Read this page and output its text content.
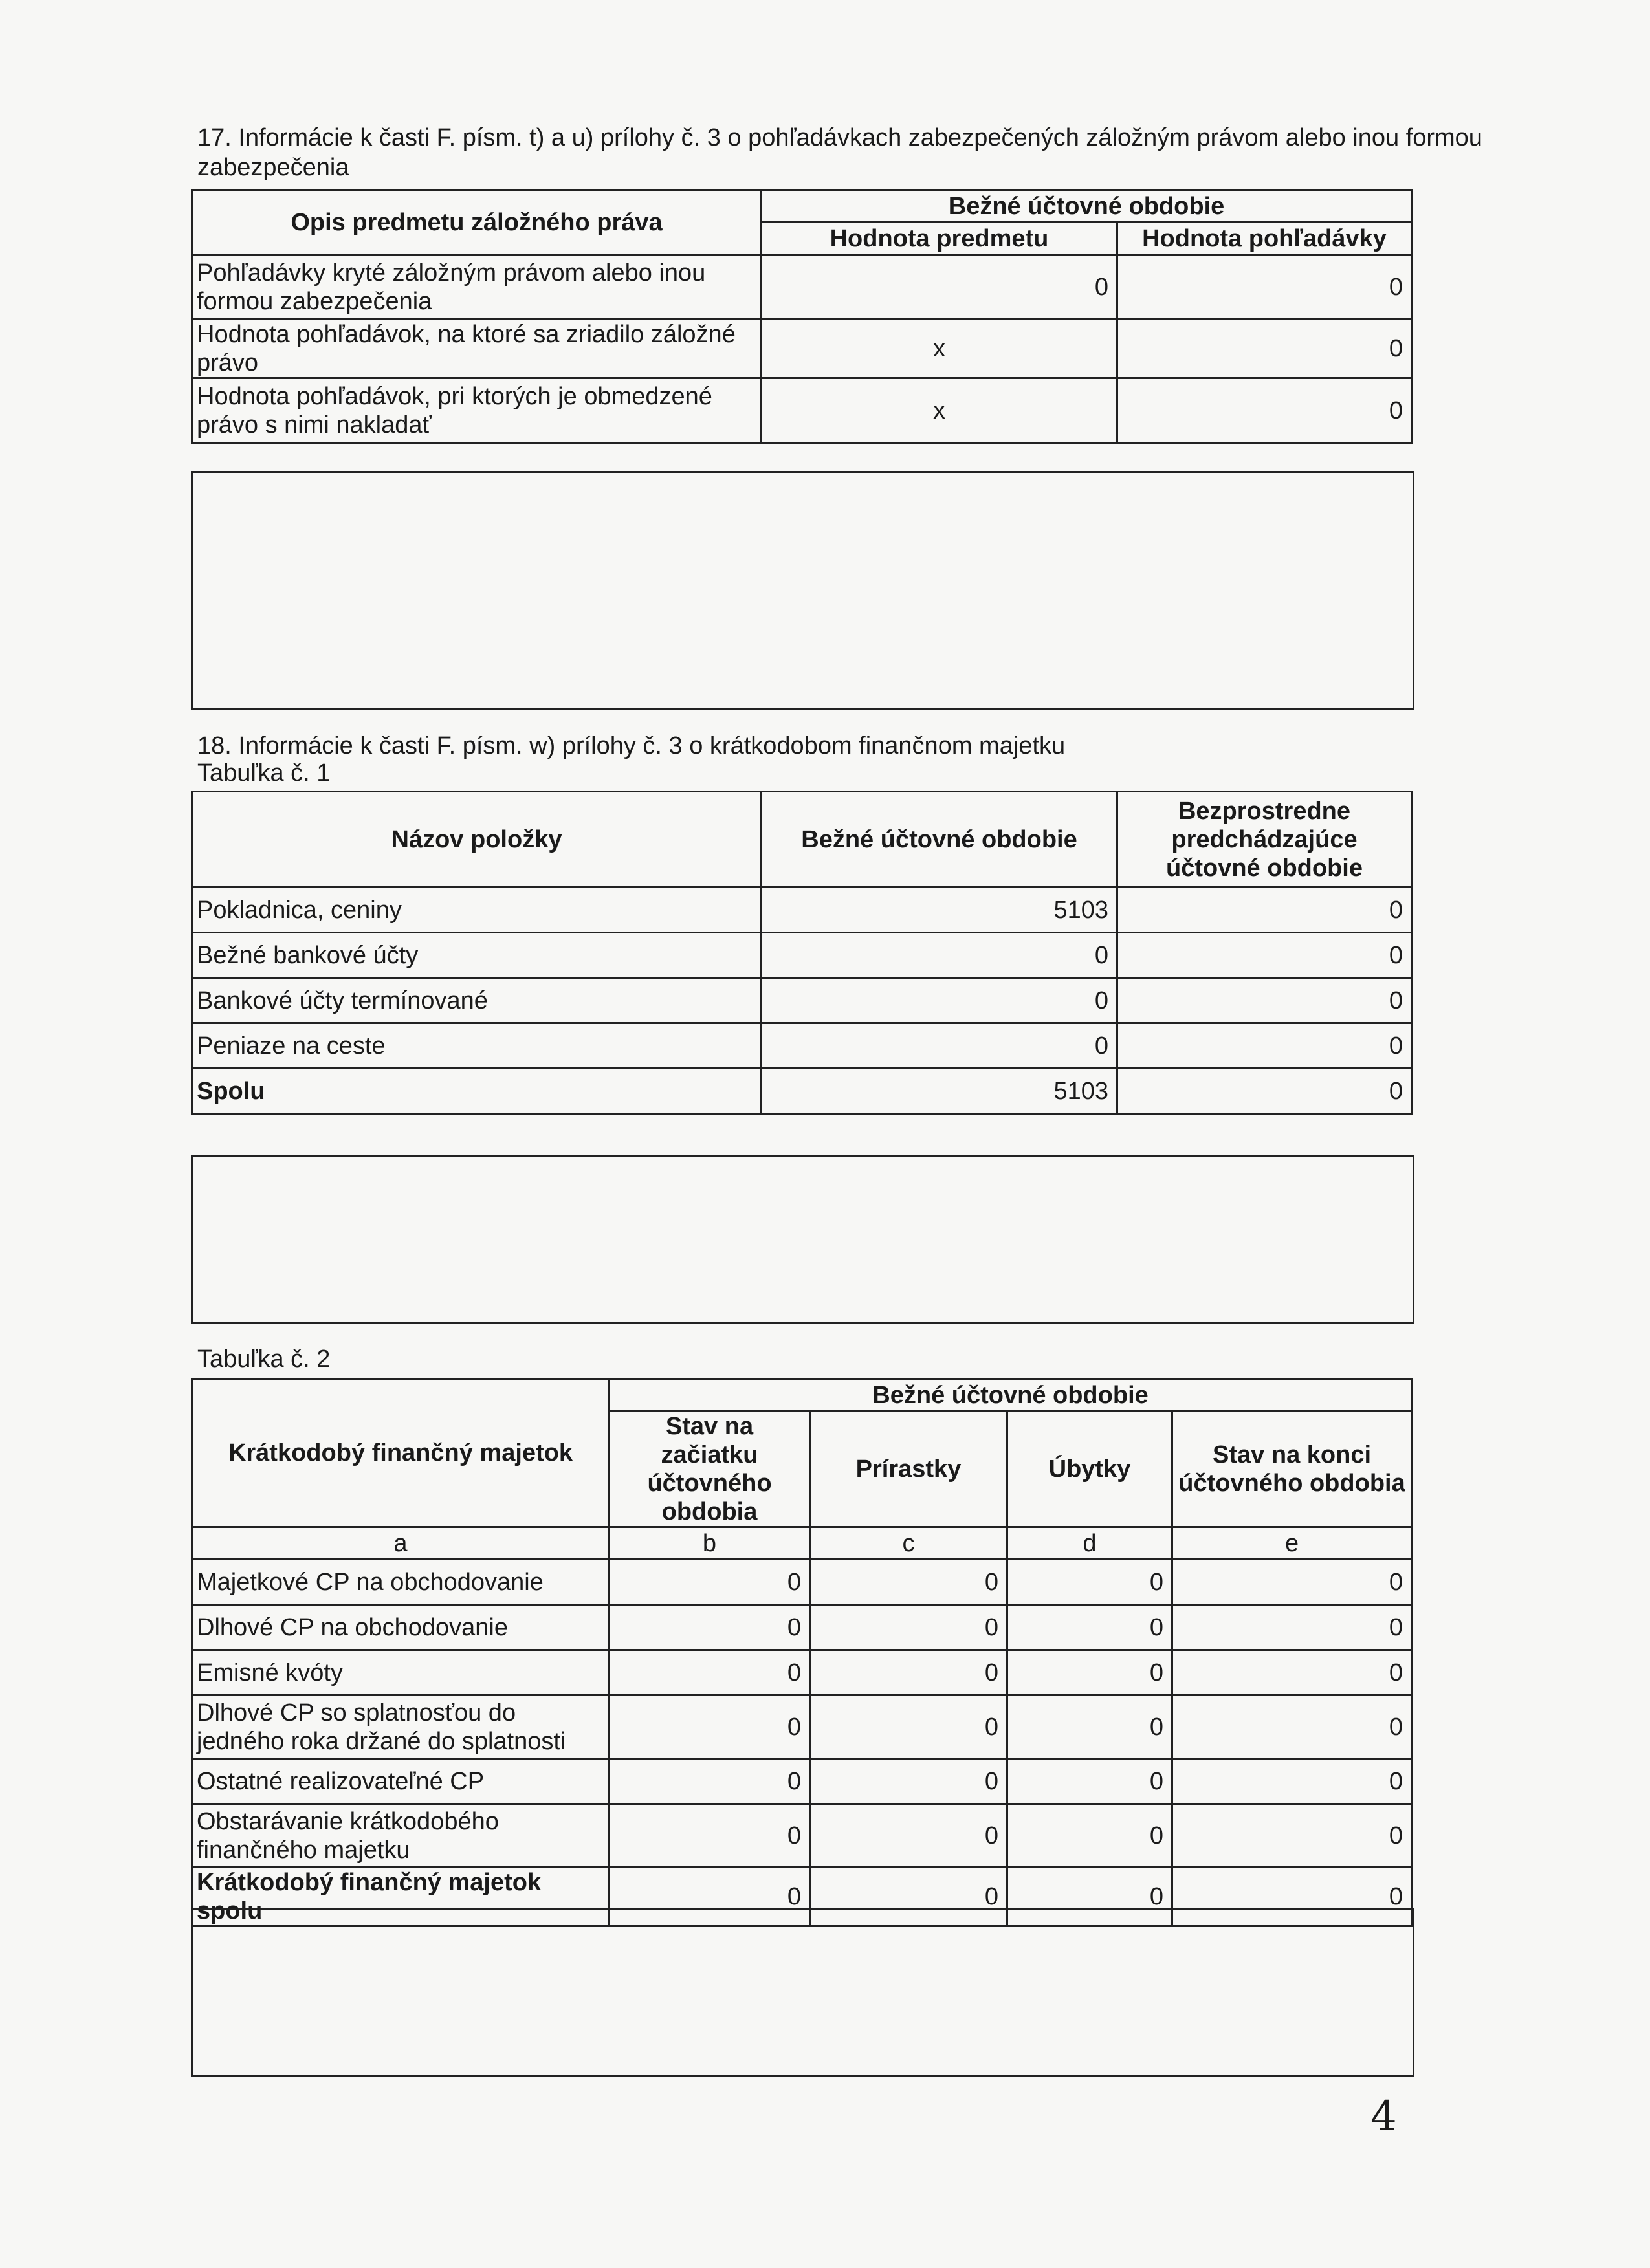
17. Informácie k časti F. písm. t) a u) prílohy č. 3 o pohľadávkach zabezpečených záložným právom alebo inou formou
zabezpečenia
Opis predmetu záložného práva	Bežné účtovné obdobie	
	Hodnota predmetu	Hodnota pohľadávky
Pohľadávky kryté záložným právom alebo inou formou zabezpečenia	0	0
Hodnota pohľadávok, na ktoré sa zriadilo záložné právo	x	0
Hodnota pohľadávok, pri ktorých je obmedzené právo s nimi nakladať	x	0
18. Informácie k časti F. písm. w) prílohy č. 3 o krátkodobom finančnom majetku
Tabuľka č. 1
Názov položky	Bežné účtovné obdobie	Bezprostredne predchádzajúce účtovné obdobie
Pokladnica, ceniny	5103	0
Bežné bankové účty	0	0
Bankové účty termínované	0	0
Peniaze na ceste	0	0
Spolu	5103	0
Tabuľka č. 2
Krátkodobý finančný majetok	Bežné účtovné obdobie			
	Stav na začiatku účtovného obdobia	Prírastky	Úbytky	Stav na konci účtovného obdobia
a	b	c	d	e
Majetkové CP na obchodovanie	0	0	0	0
Dlhové CP na obchodovanie	0	0	0	0
Emisné kvóty	0	0	0	0
Dlhové CP so splatnosťou do jedného roka držané do splatnosti	0	0	0	0
Ostatné realizovateľné CP	0	0	0	0
Obstarávanie krátkodobého finančného majetku	0	0	0	0
Krátkodobý finančný majetok spolu	0	0	0	0
4
